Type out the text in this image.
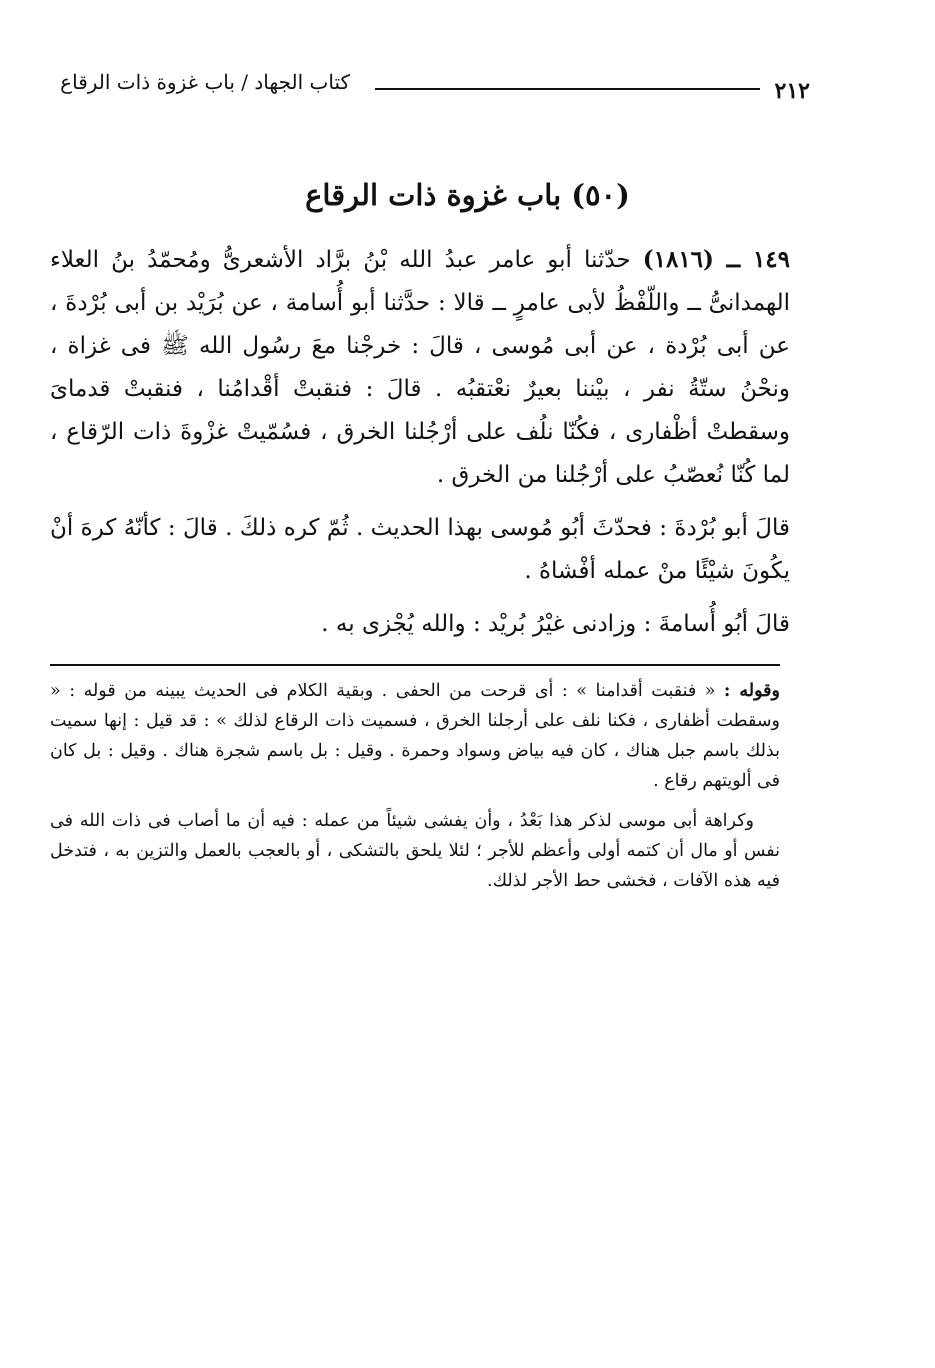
كتاب الجهاد / باب غزوة ذات الرقاع	٢١٢
(٥٠) باب غزوة ذات الرقاع

١٤٩ ــ (١٨١٦) حدّثنا أبو عامر عبدُ الله بْنُ برَّاد الأشعرىُّ ومُحمّدُ بنُ العلاء الهمدانىُّ ــ واللّفْظُ لأبى عامرٍ ــ قالا : حدَّثنا أبو أُسامة ، عن بُرَيْد بن أبى بُرْدةَ ، عن أبى بُرْدة ، عن أبى مُوسى ، قالَ : خرجْنا معَ رسُول الله ﷺ فى غزاة ، ونحْنُ ستّةُ نفر ، بيْننا بعيرٌ نعْتقبُه . قالَ : فنقبتْ أقْدامُنا ، فنقبتْ قدماىَ وسقطتْ أظْفارى ، فكُنّا نلُف على أرْجُلنا الخرق ، فسُمّيتْ غزْوةَ ذات الرّقاع ، لما كُنّا نُعصّبُ على أرْجُلنا من الخرق .

قالَ أبو بُرْدةَ : فحدّثَ أبُو مُوسى بهذا الحديث . ثُمّ كره ذلكَ . قالَ : كأنّهُ كرهَ أنْ يكُونَ شيْئًا منْ عمله أفْشاهُ .

قالَ أبُو أُسامةَ : وزادنى غيْرُ بُريْد : والله يُجْزى به .

وقوله : « فنقبت أقدامنا » : أى قرحت من الحفى . وبقية الكلام فى الحديث يبينه من قوله : « وسقطت أظفارى ، فكنا نلف على أرجلنا الخرق ، فسميت ذات الرقاع لذلك » : قد قيل : إنها سميت بذلك باسم جبل هناك ، كان فيه بياض وسواد وحمرة . وقيل : بل باسم شجرة هناك . وقيل : بل كان فى ألويتهم رقاع .

وكراهة أبى موسى لذكر هذا بَعْدُ ، وأن يفشى شيئاً من عمله : فيه أن ما أصاب فى ذات الله فى نفس أو مال أن كتمه أولى وأعظم للأجر ؛ لئلا يلحق بالتشكى ، أو بالعجب بالعمل والتزين به ، فتدخل فيه هذه الآفات ، فخشى حط الأجر لذلك.
